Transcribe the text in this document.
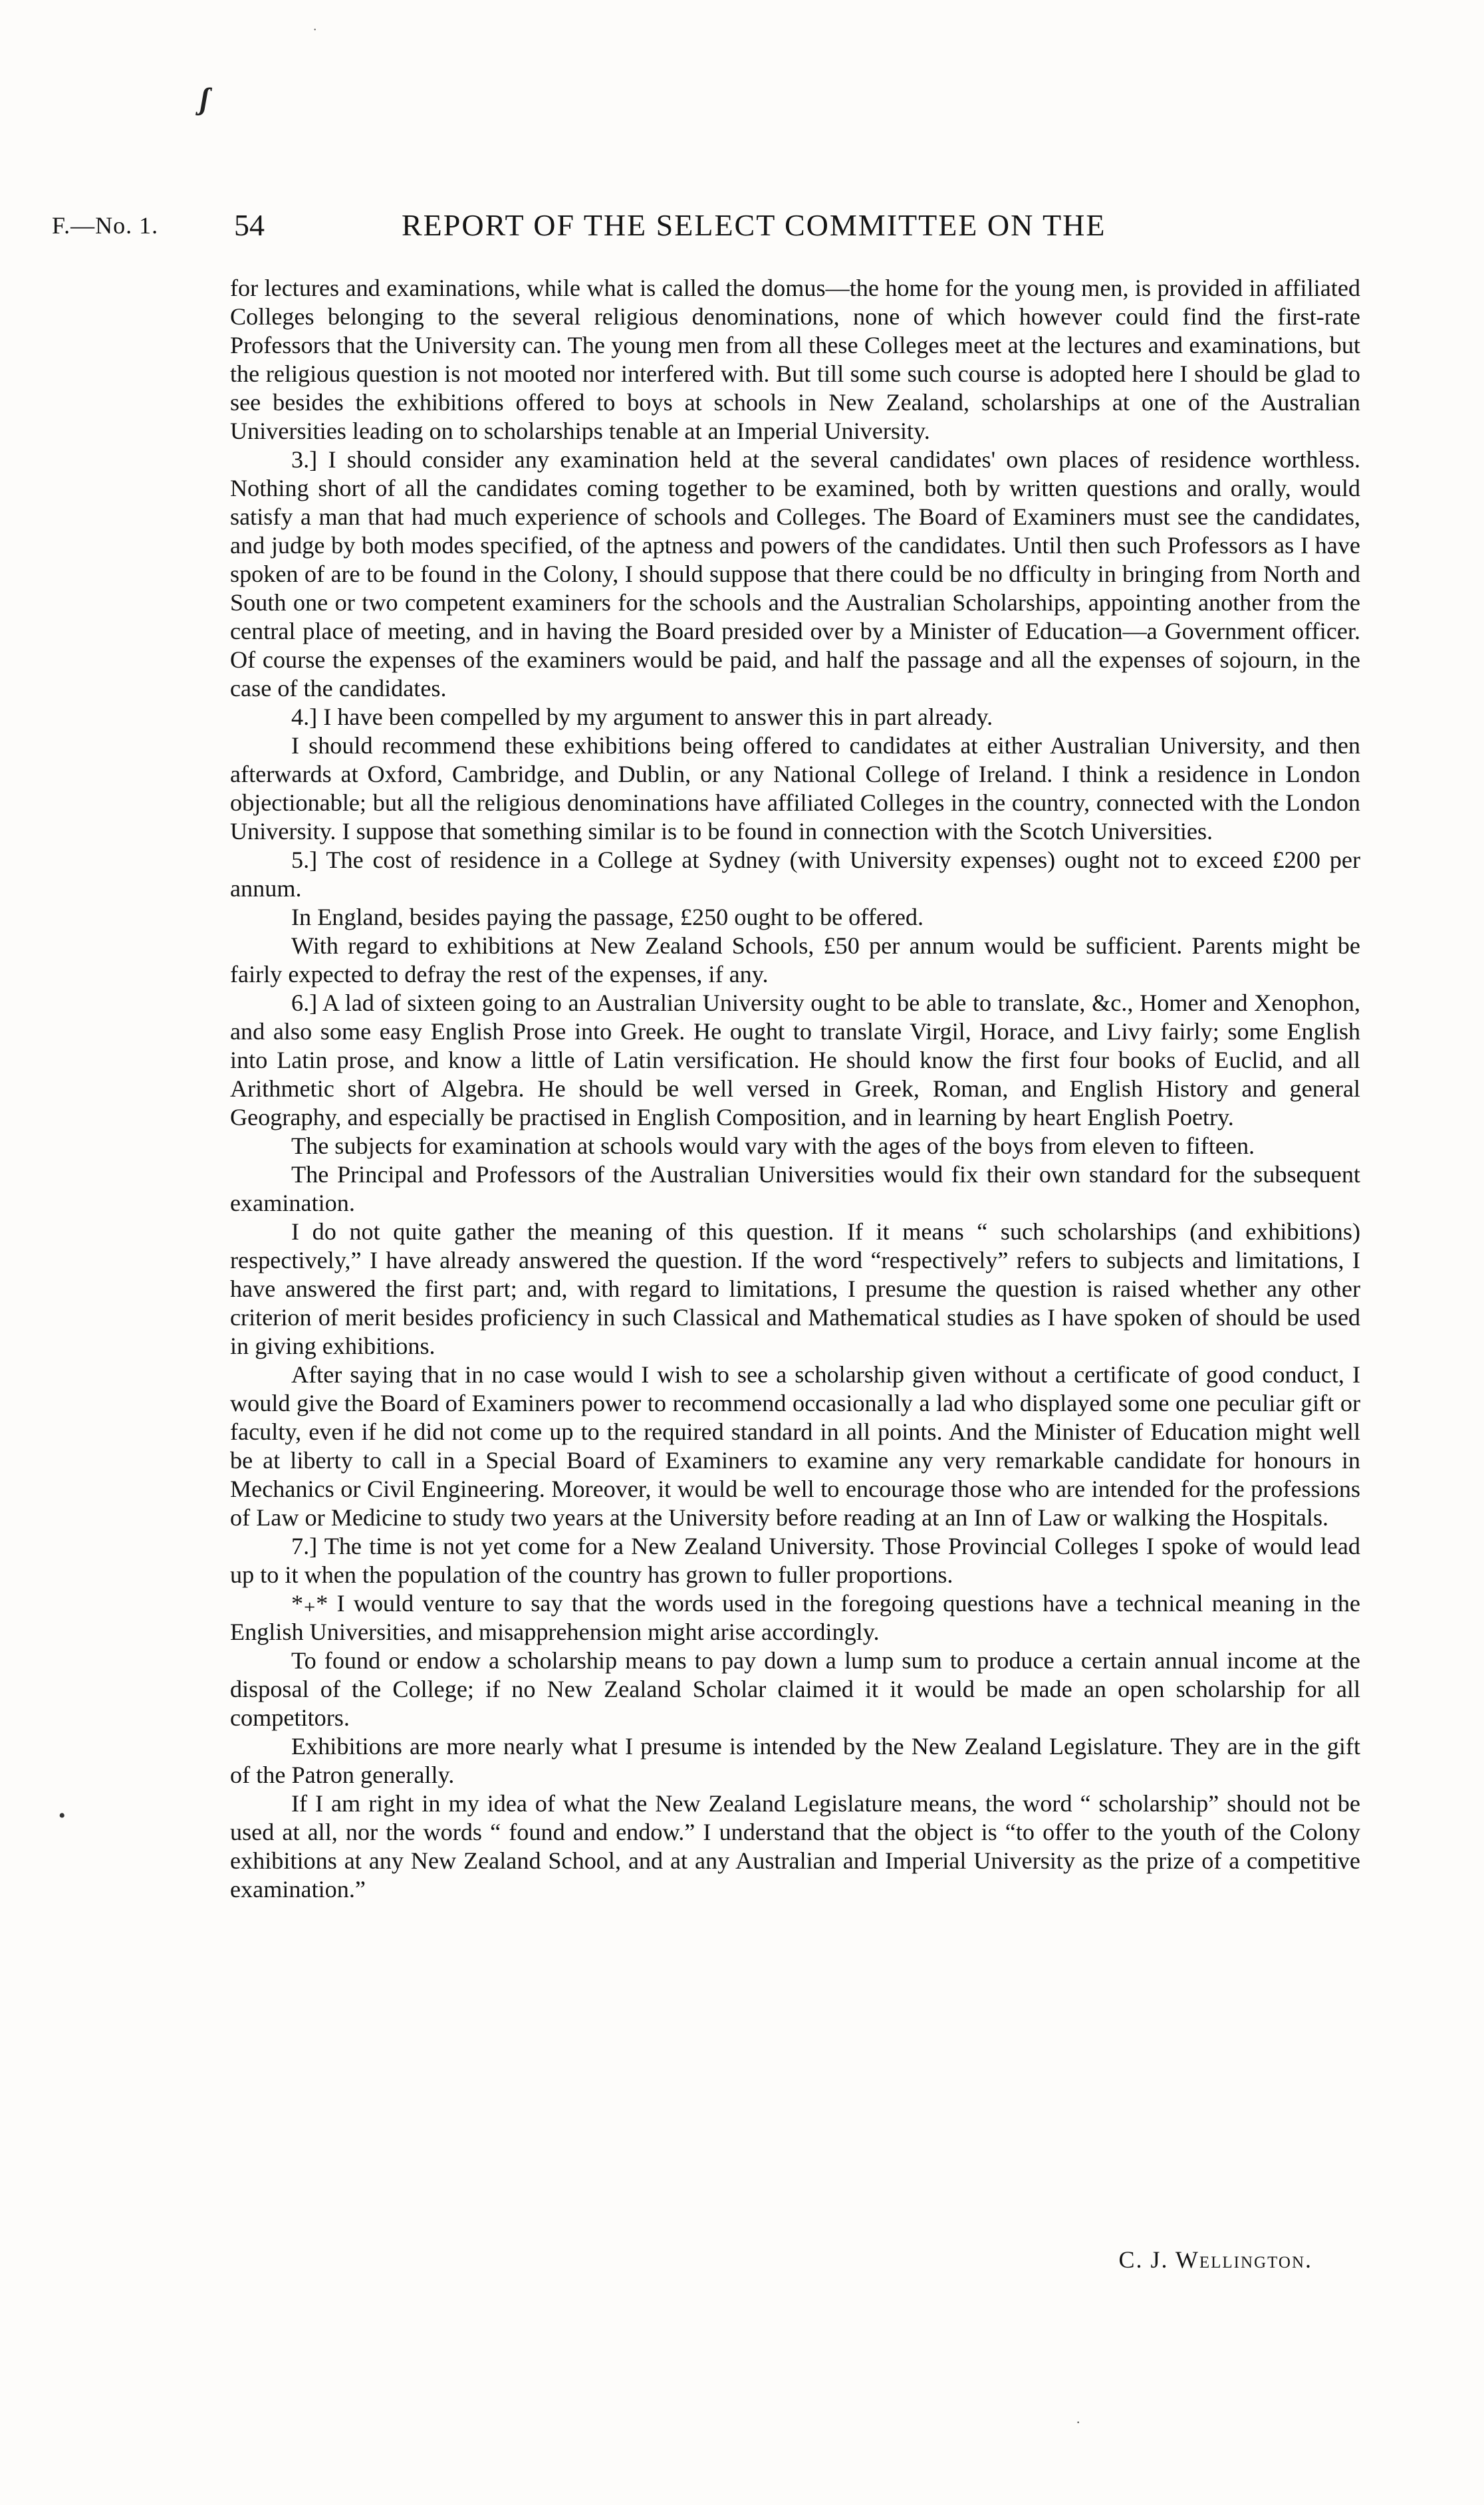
˙
ʃ
F.—No. 1. 54	REPORT OF THE SELECT COMMITTEE ON THE

for lectures and examinations, while what is called the domus—the home for the young men, is provided in affiliated Colleges belonging to the several religious denominations, none of which however could find the first-rate Professors that the University can. The young men from all these Colleges meet at the lectures and examinations, but the religious question is not mooted nor interfered with. But till some such course is adopted here I should be glad to see besides the exhibitions offered to boys at schools in New Zealand, scholarships at one of the Australian Universities leading on to scholarships tenable at an Imperial University.

3.] I should consider any examination held at the several candidates' own places of residence worthless. Nothing short of all the candidates coming together to be examined, both by written questions and orally, would satisfy a man that had much experience of schools and Colleges. The Board of Examiners must see the candidates, and judge by both modes specified, of the aptness and powers of the candidates. Until then such Professors as I have spoken of are to be found in the Colony, I should suppose that there could be no dfficulty in bringing from North and South one or two competent examiners for the schools and the Australian Scholarships, appointing another from the central place of meeting, and in having the Board presided over by a Minister of Education—a Government officer. Of course the expenses of the examiners would be paid, and half the passage and all the expenses of sojourn, in the case of the candidates.

4.] I have been compelled by my argument to answer this in part already.

I should recommend these exhibitions being offered to candidates at either Australian University, and then afterwards at Oxford, Cambridge, and Dublin, or any National College of Ireland. I think a residence in London objectionable; but all the religious denominations have affiliated Colleges in the country, connected with the London University. I suppose that something similar is to be found in connection with the Scotch Universities.

5.] The cost of residence in a College at Sydney (with University expenses) ought not to exceed £200 per annum.

In England, besides paying the passage, £250 ought to be offered.

With regard to exhibitions at New Zealand Schools, £50 per annum would be sufficient. Parents might be fairly expected to defray the rest of the expenses, if any.

6.] A lad of sixteen going to an Australian University ought to be able to translate, &c., Homer and Xenophon, and also some easy English Prose into Greek. He ought to translate Virgil, Horace, and Livy fairly; some English into Latin prose, and know a little of Latin versification. He should know the first four books of Euclid, and all Arithmetic short of Algebra. He should be well versed in Greek, Roman, and English History and general Geography, and especially be practised in English Composition, and in learning by heart English Poetry.

The subjects for examination at schools would vary with the ages of the boys from eleven to fifteen.

The Principal and Professors of the Australian Universities would fix their own standard for the subsequent examination.

I do not quite gather the meaning of this question. If it means “ such scholarships (and exhibitions) respectively,” I have already answered the question. If the word “respectively” refers to subjects and limitations, I have answered the first part; and, with regard to limitations, I presume the question is raised whether any other criterion of merit besides proficiency in such Classical and Mathematical studies as I have spoken of should be used in giving exhibitions.

After saying that in no case would I wish to see a scholarship given without a certificate of good conduct, I would give the Board of Examiners power to recommend occasionally a lad who displayed some one peculiar gift or faculty, even if he did not come up to the required standard in all points. And the Minister of Education might well be at liberty to call in a Special Board of Examiners to examine any very remarkable candidate for honours in Mechanics or Civil Engineering. Moreover, it would be well to encourage those who are intended for the professions of Law or Medicine to study two years at the University before reading at an Inn of Law or walking the Hospitals.

7.] The time is not yet come for a New Zealand University. Those Provincial Colleges I spoke of would lead up to it when the population of the country has grown to fuller proportions.

*₊* I would venture to say that the words used in the foregoing questions have a technical meaning in the English Universities, and misapprehension might arise accordingly.

To found or endow a scholarship means to pay down a lump sum to produce a certain annual income at the disposal of the College; if no New Zealand Scholar claimed it it would be made an open scholarship for all competitors.

Exhibitions are more nearly what I presume is intended by the New Zealand Legislature. They are in the gift of the Patron generally.

If I am right in my idea of what the New Zealand Legislature means, the word “ scholarship” should not be used at all, nor the words “ found and endow.” I understand that the object is “to offer to the youth of the Colony exhibitions at any New Zealand School, and at any Australian and Imperial University as the prize of a competitive examination.”

•
C. J. Wellington.
·
